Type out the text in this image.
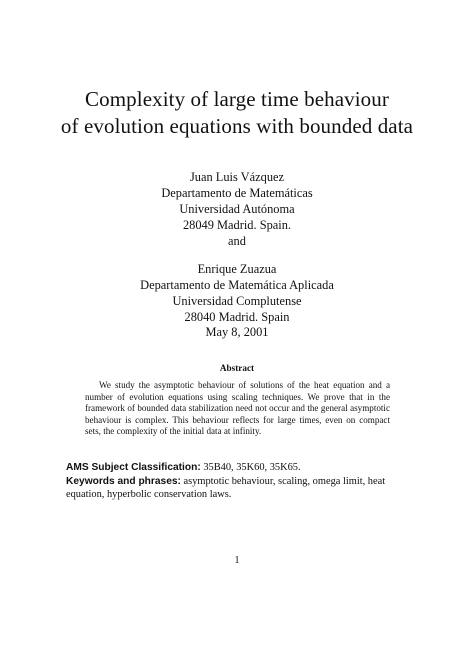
Complexity of large time behaviour
of evolution equations with bounded data
Juan Luis Vázquez
Departamento de Matemáticas
Universidad Autónoma
28049 Madrid. Spain.
and
Enrique Zuazua
Departamento de Matemática Aplicada
Universidad Complutense
28040 Madrid. Spain
May 8, 2001
Abstract
We study the asymptotic behaviour of solutions of the heat equation and a number of evolution equations using scaling techniques. We prove that in the framework of bounded data stabilization need not occur and the general asymptotic behaviour is complex. This behaviour reflects for large times, even on compact sets, the complexity of the initial data at infinity.
AMS Subject Classification: 35B40, 35K60, 35K65.
Keywords and phrases: asymptotic behaviour, scaling, omega limit, heat equation, hyperbolic conservation laws.
1
